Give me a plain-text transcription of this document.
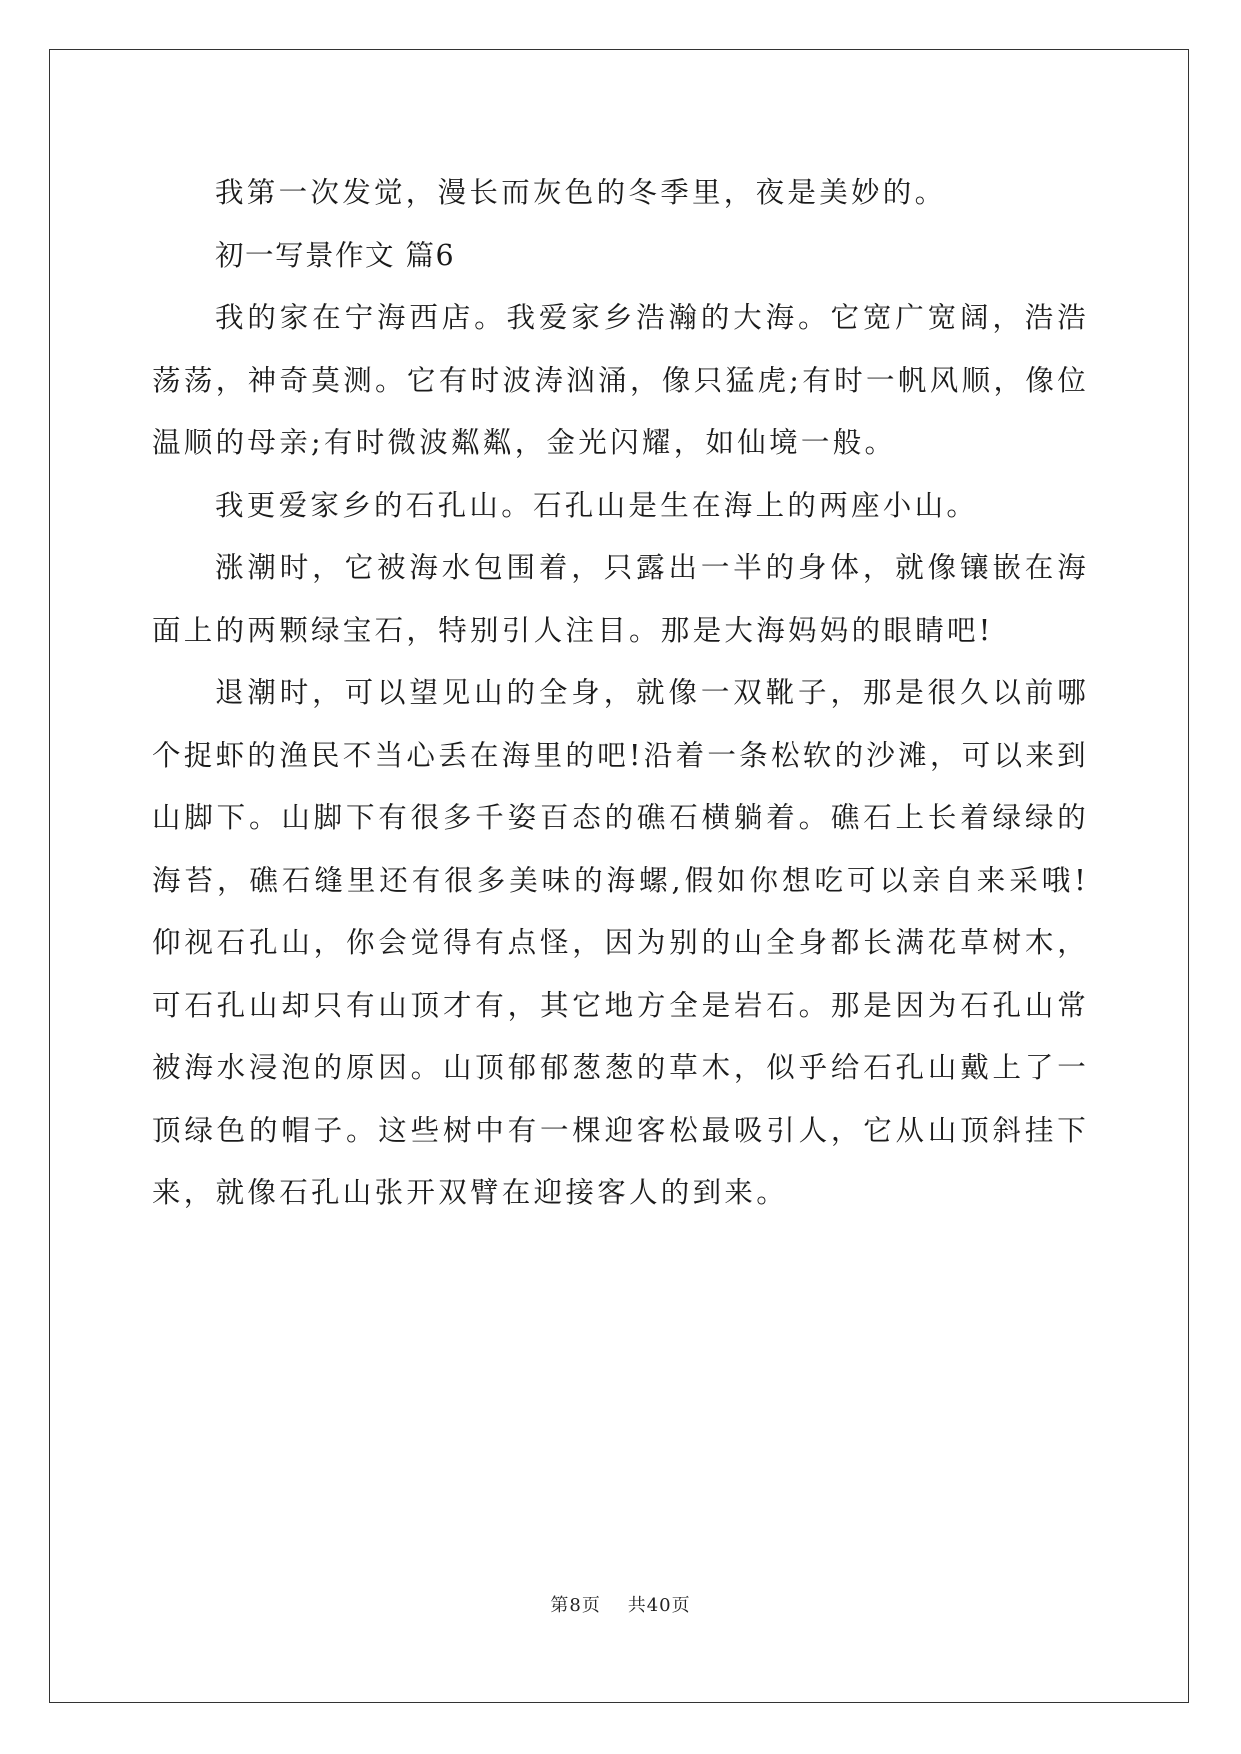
我第一次发觉，漫长而灰色的冬季里，夜是美妙的。

初一写景作文 篇6

我的家在宁海西店。我爱家乡浩瀚的大海。它宽广宽阔，浩浩荡荡，神奇莫测。它有时波涛汹涌，像只猛虎;有时一帆风顺，像位温顺的母亲;有时微波粼粼，金光闪耀，如仙境一般。

我更爱家乡的石孔山。石孔山是生在海上的两座小山。

涨潮时，它被海水包围着，只露出一半的身体，就像镶嵌在海面上的两颗绿宝石，特别引人注目。那是大海妈妈的眼睛吧!

退潮时，可以望见山的全身，就像一双靴子，那是很久以前哪个捉虾的渔民不当心丢在海里的吧!沿着一条松软的沙滩，可以来到山脚下。山脚下有很多千姿百态的礁石横躺着。礁石上长着绿绿的海苔，礁石缝里还有很多美味的海螺,假如你想吃可以亲自来采哦!仰视石孔山，你会觉得有点怪，因为别的山全身都长满花草树木，可石孔山却只有山顶才有，其它地方全是岩石。那是因为石孔山常被海水浸泡的原因。山顶郁郁葱葱的草木，似乎给石孔山戴上了一顶绿色的帽子。这些树中有一棵迎客松最吸引人，它从山顶斜挂下来，就像石孔山张开双臂在迎接客人的到来。

第8页 共40页
